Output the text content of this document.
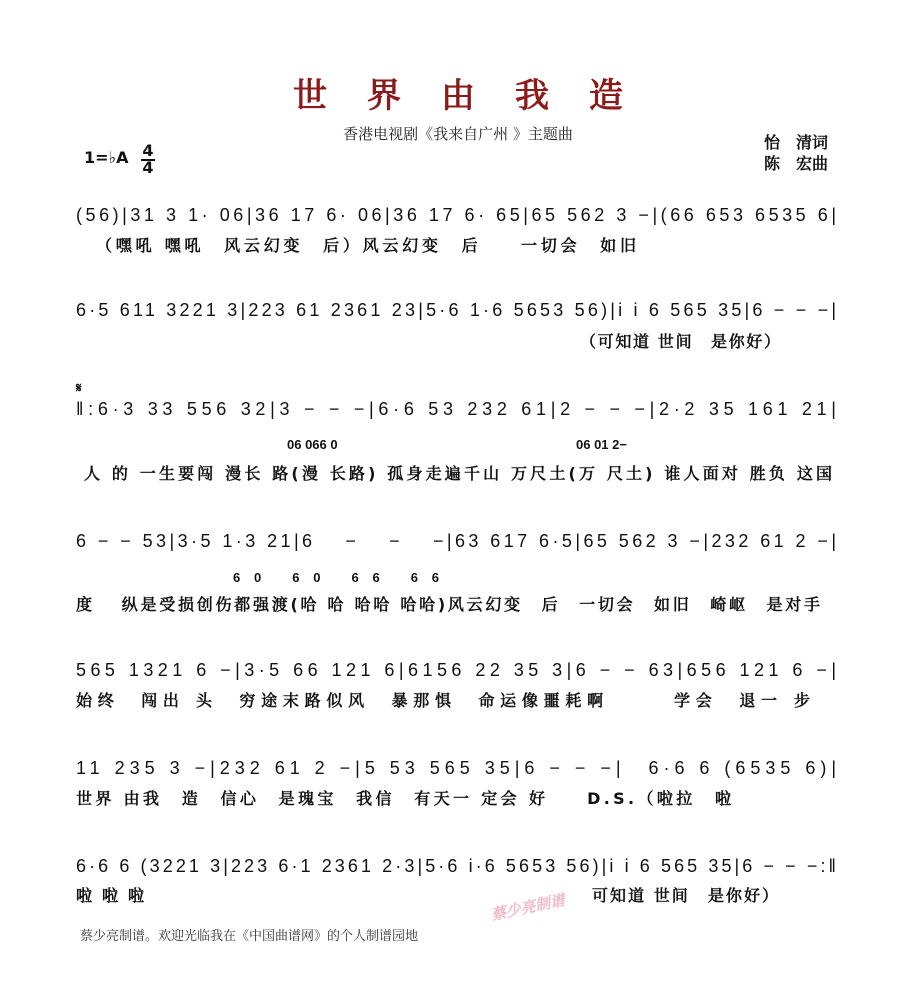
世 界 由 我 造
香港电视剧《我来自广州 》主题曲
1=♭A 4
4
怡　清词
陈　宏曲
(56)|31 3 1· 06|36 17 6· 06|36 17 6· 65|65 562 3 −|(66 653 6535 6|
（嘿吼 嘿吼　风云幻变　后）风云幻变　后　　一切会　如旧
6·5 611 3221 3|223 61 2361 23|5·6 1·6 5653 56)|i i 6 565 35|6 − − −|
（可知道 世间　是你好）
𝄋
‖:6·3 33 556 32|3 − − −|6·6 53 232 61|2 − − −|2·2 35 161 21|
06 066 0	06 01 2−
人 的 一生要闯 漫长 路(漫 长路) 孤身走遍千山 万尺土(万 尺土) 谁人面对 胜负 这国
6 − − 53|3·5 1·3 21|6　 −　 −　 −|63 617 6·5|65 562 3 −|232 61 2 −|
60 60 66 66
度　 纵是受损创伤都强渡(哈 哈 哈哈 哈哈)风云幻变　后　一切会　如旧　崎岖　是对手
565 1321 6 −|3·5 66 121 6|6156 22 35 3|6 − − 63|656 121 6 −|
始终　闯出 头　穷途末路似风　暴那惧　命运像噩耗啊　　　学会　退一 步
11 235 3 −|232 61 2 −|5 53 565 35|6 − − −|　6·6 6 (6535 6)|
世界 由我　造　信心　是瑰宝　我信　有天一 定会 好　　D.S.（啦拉　啦
6·6 6 (3221 3|223 6·1 2361 2·3|5·6 i·6 5653 56)|i i 6 565 35|6 − − −:‖
啦 啦 啦	可知道 世间　是你好）
蔡少亮制谱
蔡少亮制谱。欢迎光临我在《中国曲谱网》的个人制谱园地
